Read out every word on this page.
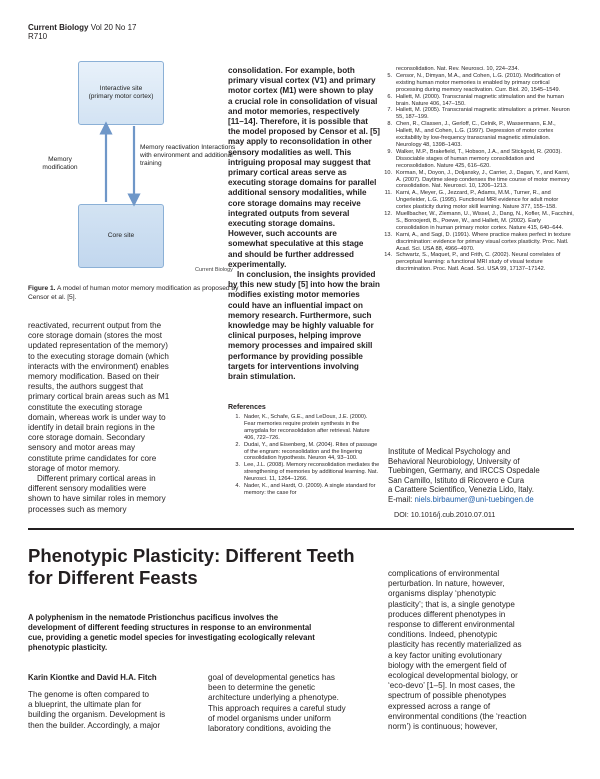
Current Biology Vol 20 No 17
R710
Interactive site (primary motor cortex)
Core site
Memory modification
Memory reactivation Interactions with environment and additional training
Current Biology
Figure 1. A model of human motor memory modification as proposed by Censor et al. [5].
reactivated, recurrent output from the
core storage domain (stores the most
updated representation of the memory)
to the executing storage domain (which
interacts with the environment) enables
memory modification. Based on their
results, the authors suggest that
primary cortical brain areas such as M1
constitute the executing storage
domain, whereas work is under way to
identify in detail brain regions in the
core storage domain. Secondary
sensory and motor areas may
constitute prime candidates for core
storage of motor memory.
Different primary cortical areas in
different sensory modalities were
shown to have similar roles in memory
processes such as memory
consolidation. For example, both
primary visual cortex (V1) and primary
motor cortex (M1) were shown to play
a crucial role in consolidation of visual
and motor memories, respectively
[11–14]. Therefore, it is possible that
the model proposed by Censor et al. [5]
may apply to reconsolidation in other
sensory modalities as well. This
intriguing proposal may suggest that
primary cortical areas serve as
executing storage domains for parallel
additional sensory modalities, while
core storage domains may receive
integrated outputs from several
executing storage domains.
However, such accounts are
somewhat speculative at this stage
and should be further addressed
experimentally.
In conclusion, the insights provided
by this new study [5] into how the brain
modifies existing motor memories
could have an influential impact on
memory research. Furthermore, such
knowledge may be highly valuable for
clinical purposes, helping improve
memory processes and impaired skill
performance by providing possible
targets for interventions involving
brain stimulation.
References
1. Nader, K., Schafe, G.E., and LeDoux, J.E. (2000). Fear memories require protein synthesis in the amygdala for reconsolidation after retrieval. Nature 406, 722–726.
2. Dudai, Y., and Eisenberg, M. (2004). Rites of passage of the engram: reconsolidation and the lingering consolidation hypothesis. Neuron 44, 93–100.
3. Lee, J.L. (2008). Memory reconsolidation mediates the strengthening of memories by additional learning. Nat. Neurosci. 11, 1264–1266.
4. Nader, K., and Hardt, O. (2009). A single standard for memory: the case for
reconsolidation. Nat. Rev. Neurosci. 10, 224–234.
5. Censor, N., Dimyan, M.A., and Cohen, L.G. (2010). Modification of existing human motor memories is enabled by primary cortical processing during memory reactivation. Curr. Biol. 20, 1545–1549.
6. Hallett, M. (2000). Transcranial magnetic stimulation and the human brain. Nature 406, 147–150.
7. Hallett, M. (2005). Transcranial magnetic stimulation: a primer. Neuron 55, 187–199.
8. Chen, R., Classen, J., Gerloff, C., Celnik, P., Wassermann, E.M., Hallett, M., and Cohen, L.G. (1997). Depression of motor cortex excitability by low-frequency transcranial magnetic stimulation. Neurology 48, 1398–1403.
9. Walker, M.P., Brakefield, T., Hobson, J.A., and Stickgold, R. (2003). Dissociable stages of human memory consolidation and reconsolidation. Nature 425, 616–620.
10. Korman, M., Doyon, J., Doljansky, J., Carrier, J., Dagan, Y., and Karni, A. (2007). Daytime sleep condenses the time course of motor memory consolidation. Nat. Neurosci. 10, 1206–1213.
11. Karni, A., Meyer, G., Jezzard, P., Adams, M.M., Turner, R., and Ungerleider, L.G. (1995). Functional MRI evidence for adult motor cortex plasticity during motor skill learning. Nature 377, 155–158.
12. Muellbacher, W., Ziemann, U., Wissel, J., Dang, N., Kofler, M., Facchini, S., Boroojerdi, B., Poewe, W., and Hallett, M. (2002). Early consolidation in human primary motor cortex. Nature 415, 640–644.
13. Karni, A., and Sagi, D. (1991). Where practice makes perfect in texture discrimination: evidence for primary visual cortex plasticity. Proc. Natl. Acad. Sci. USA 88, 4966–4970.
14. Schwartz, S., Maquet, P., and Frith, C. (2002). Neural correlates of perceptual learning: a functional MRI study of visual texture discrimination. Proc. Natl. Acad. Sci. USA 99, 17137–17142.
Institute of Medical Psychology and
Behavioral Neurobiology, University of
Tuebingen, Germany, and IRCCS Ospedale
San Camillo, Istituto di Ricovero e Cura
a Carattere Scientifico, Venezia Lido, Italy.
E-mail: niels.birbaumer@uni-tuebingen.de
DOI: 10.1016/j.cub.2010.07.011
Phenotypic Plasticity: Different Teeth
for Different Feasts
A polyphenism in the nematode Pristionchus pacificus involves the
development of different feeding structures in response to an environmental
cue, providing a genetic model species for investigating ecologically relevant
phenotypic plasticity.
Karin Kiontke and David H.A. Fitch
The genome is often compared to
a blueprint, the ultimate plan for
building the organism. Development is
then the builder. Accordingly, a major
goal of developmental genetics has
been to determine the genetic
architecture underlying a phenotype.
This approach requires a careful study
of model organisms under uniform
laboratory conditions, avoiding the
complications of environmental
perturbation. In nature, however,
organisms display ‘phenotypic
plasticity’; that is, a single genotype
produces different phenotypes in
response to different environmental
conditions. Indeed, phenotypic
plasticity has recently materialized as
a key factor uniting evolutionary
biology with the emergent field of
ecological developmental biology, or
‘eco-devo’ [1–5]. In most cases, the
spectrum of possible phenotypes
expressed across a range of
environmental conditions (the ‘reaction
norm’) is continuous; however,
